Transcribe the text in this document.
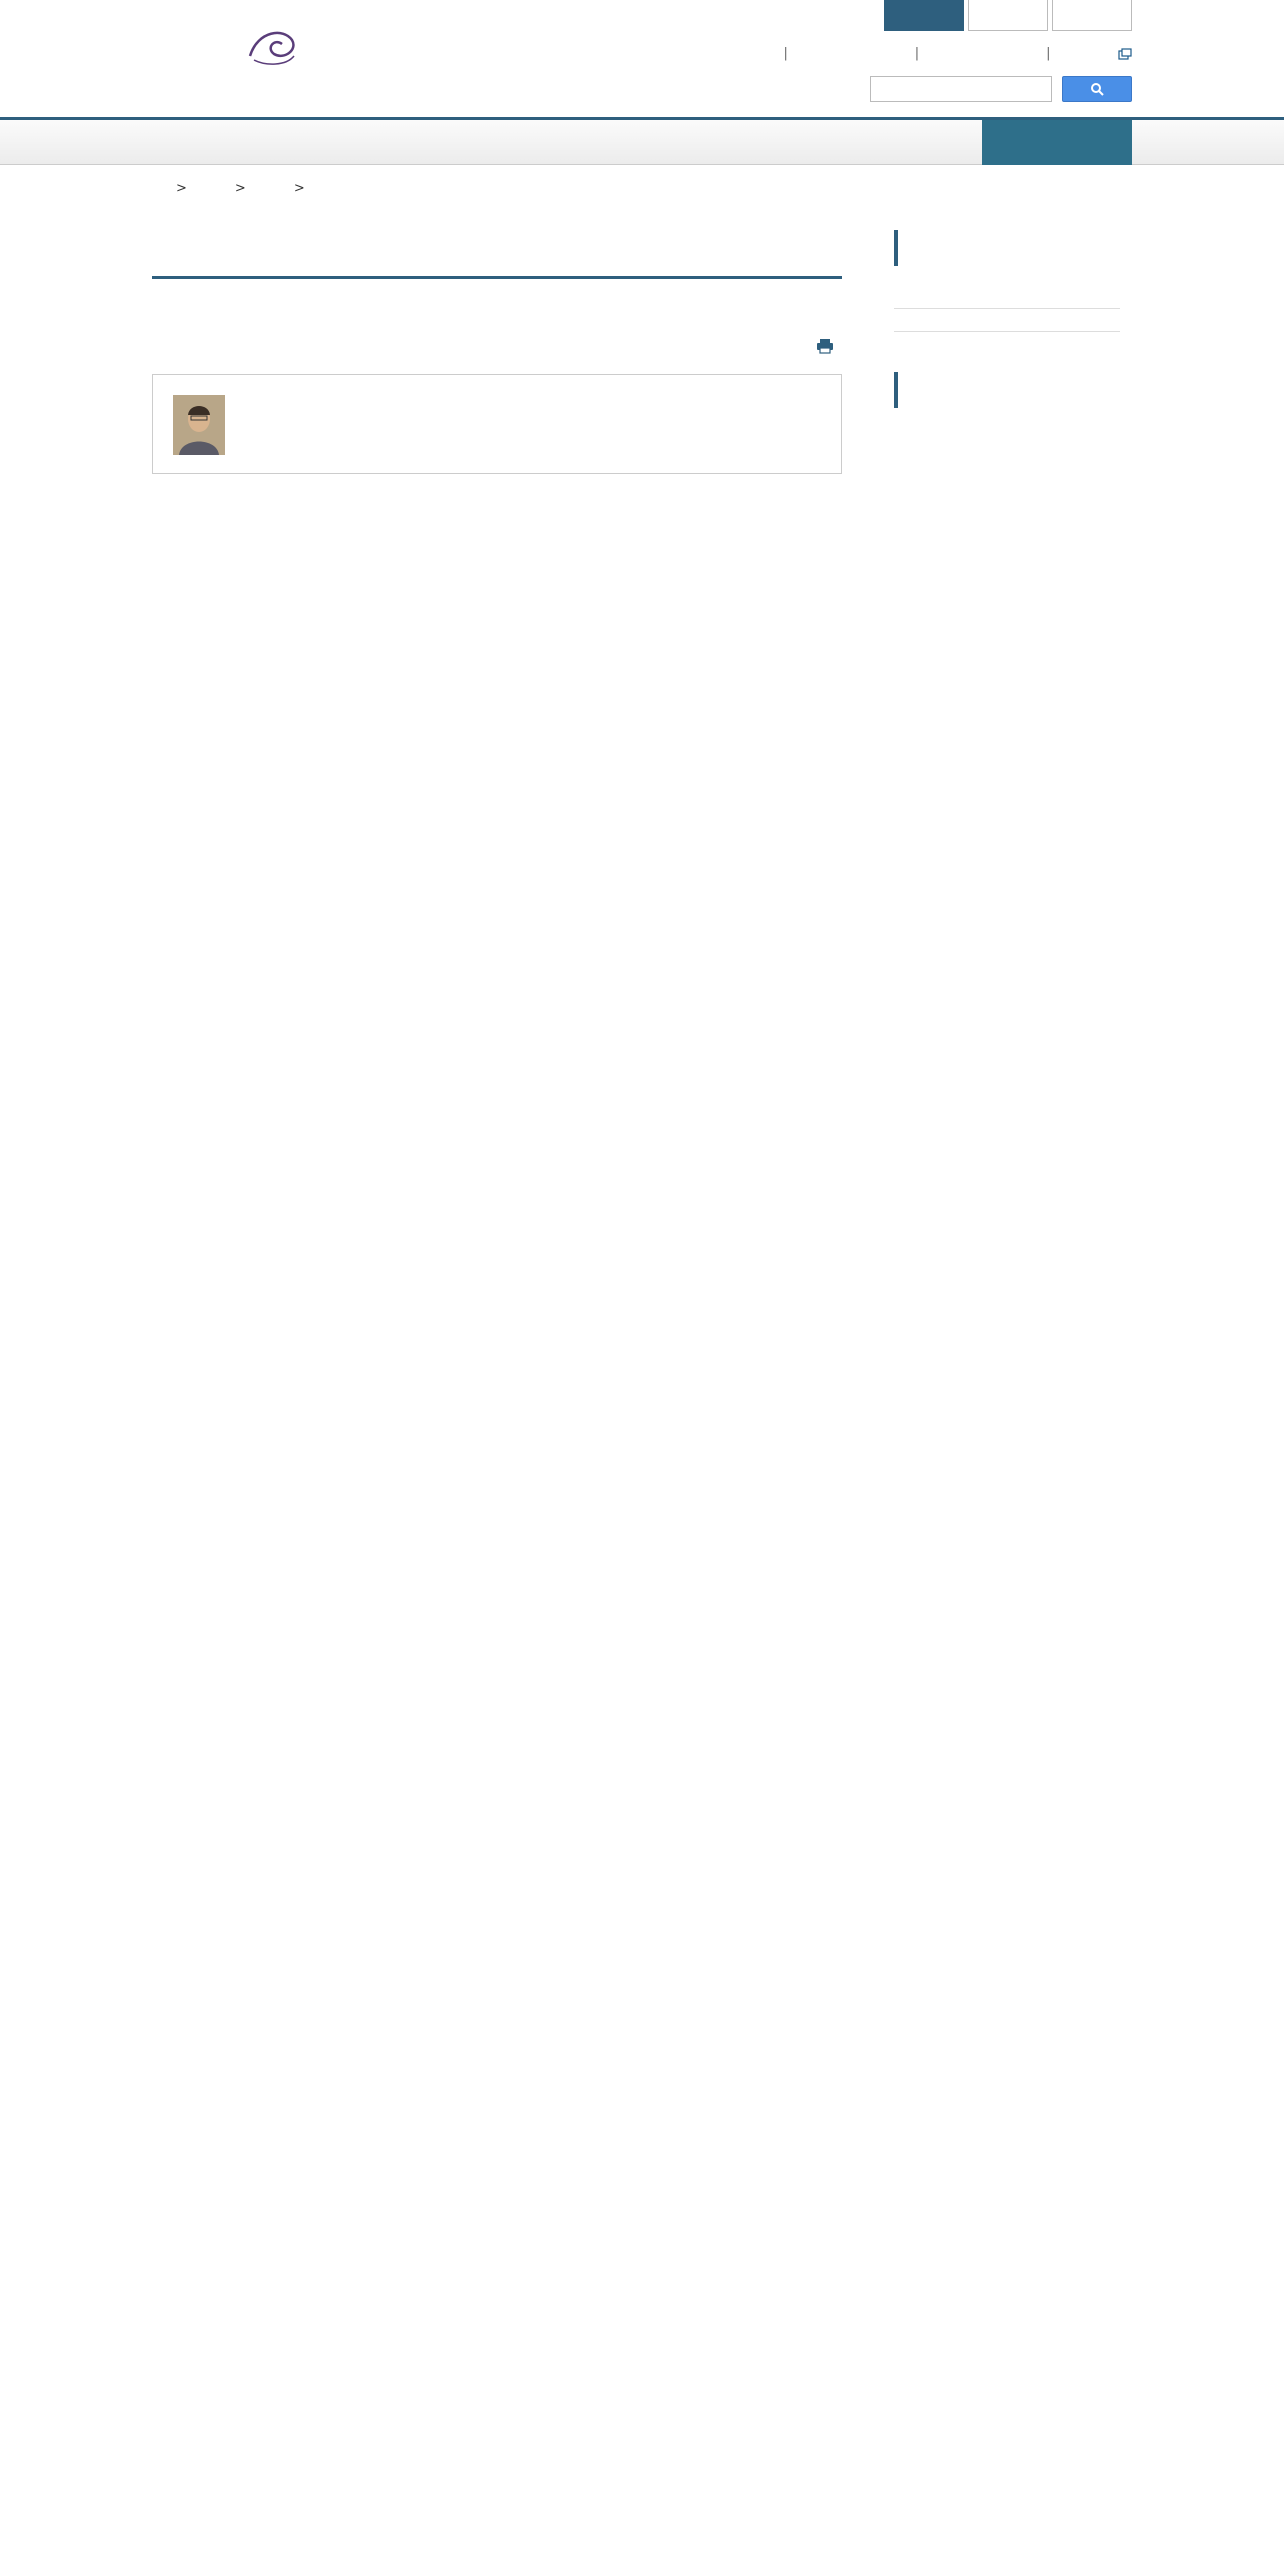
|	|	|
>	>	>
